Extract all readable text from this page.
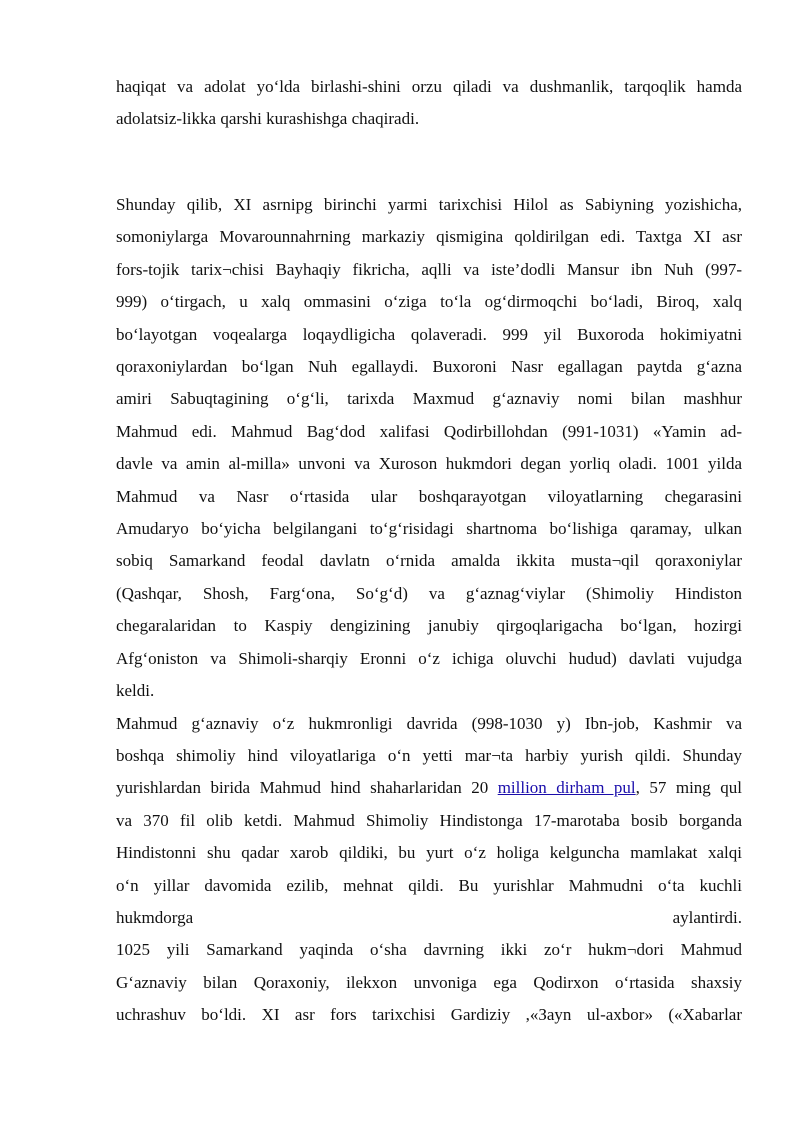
haqiqat va adolat yo‘lda birlashi-shini orzu qiladi va dushmanlik, tarqoqlik hamda
adolatsiz-likka qarshi kurashishga chaqiradi.
Shunday qilib, XI asrnipg birinchi yarmi tarixchisi Hilol as Sabiyning yozishicha,
somoniylarga Movarounnahrning markaziy qismigina qoldirilgan edi. Taxtga XI asr
fors-tojik tarix¬chisi Bayhaqiy fikricha, aqlli va iste’dodli Mansur ibn Nuh (997-
999) o‘tirgach, u xalq ommasini o‘ziga to‘la og‘dirmoqchi bo‘ladi, Biroq, xalq
bo‘layotgan voqealarga loqaydligicha qolaveradi. 999 yil Buxoroda hokimiyatni
qoraxoniylardan bo‘lgan Nuh egallaydi. Buxoroni Nasr egallagan paytda g‘azna
amiri Sabuqtagining o‘g‘li, tarixda Maxmud g‘aznaviy nomi bilan mashhur
Mahmud edi. Mahmud Bag‘dod xalifasi Qodirbillohdan (991-1031) «Yamin ad-
davle va amin al-milla» unvoni va Xuroson hukmdori degan yorliq oladi. 1001 yilda
Mahmud va Nasr o‘rtasida ular boshqarayotgan viloyatlarning chegarasini
Amudaryo bo‘yicha belgilangani to‘g‘risidagi shartnoma bo‘lishiga qaramay, ulkan
sobiq Samarkand feodal davlatn o‘rnida amalda ikkita musta¬qil qoraxoniylar
(Qashqar, Shosh, Farg‘ona, So‘g‘d) va g‘aznag‘viylar (Shimoliy Hindiston
chegaralaridan to Kaspiy dengizining janubiy qirgoqlarigacha bo‘lgan, hozirgi
Afg‘oniston va Shimoli-sharqiy Eronni o‘z ichiga oluvchi hudud) davlati vujudga
keldi.
Mahmud g‘aznaviy o‘z hukmronligi davrida (998-1030 y) Ibn-job, Kashmir va
boshqa shimoliy hind viloyatlariga o‘n yetti mar¬ta harbiy yurish qildi. Shunday
yurishlardan birida Mahmud hind shaharlaridan 20 million dirham pul, 57 ming qul
va 370 fil olib ketdi. Mahmud Shimoliy Hindistonga 17-marotaba bosib borganda
Hindistonni shu qadar xarob qildiki, bu yurt o‘z holiga kelguncha mamlakat xalqi
o‘n yillar davomida ezilib, mehnat qildi. Bu yurishlar Mahmudni o‘ta kuchli
hukmdorga                                                                                        aylantirdi.
1025 yili Samarkand yaqinda o‘sha davrning ikki zo‘r hukm¬dori Mahmud
G‘aznaviy bilan Qoraxoniy, ilekxon unvoniga ega Qodirxon o‘rtasida shaxsiy
uchrashuv bo‘ldi. XI asr fors tarixchisi Gardiziy ,«Зayn ul-axbor» («Xabarlar
